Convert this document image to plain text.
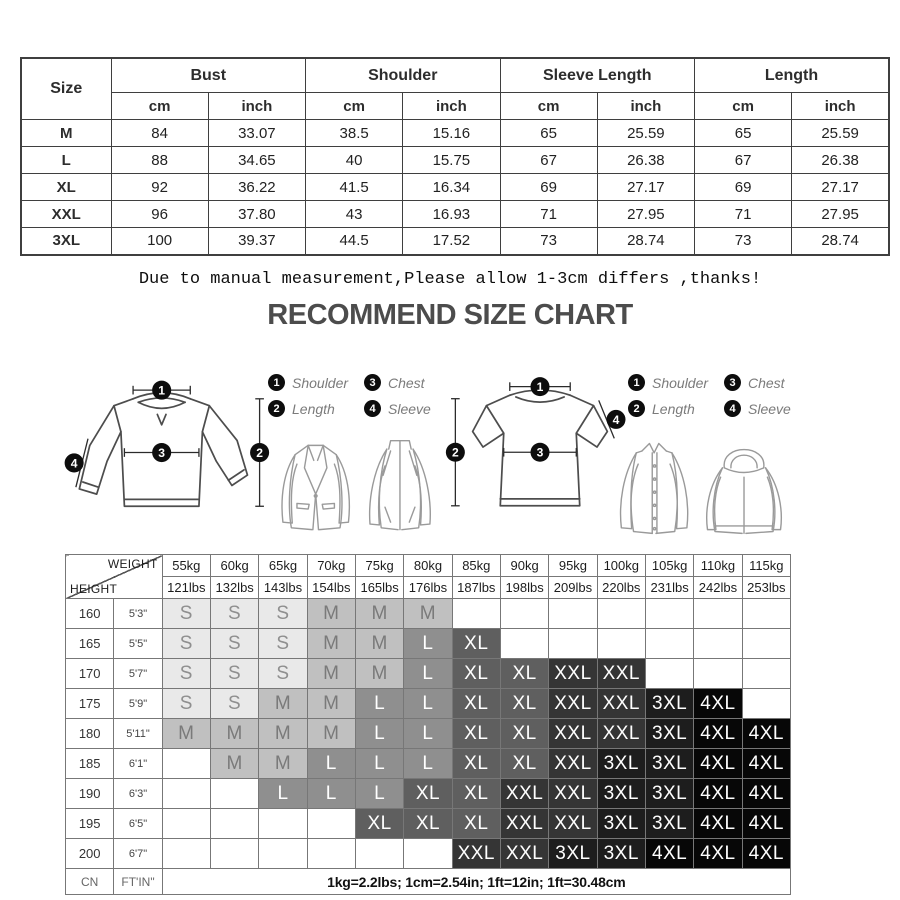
Size	Bust		Shoulder		Sleeve Length		Length	
	cm	inch	cm	inch	cm	inch	cm	inch
M	84	33.07	38.5	15.16	65	25.59	65	25.59
L	88	34.65	40	15.75	67	26.38	67	26.38
XL	92	36.22	41.5	16.34	69	27.17	69	27.17
XXL	96	37.80	43	16.93	71	27.95	71	27.95
3XL	100	39.37	44.5	17.52	73	28.74	73	28.74

Due to manual measurement,Please allow 1-3cm differs ,thanks!

RECOMMEND SIZE CHART
1
3	2
4
1 Shoulder	3 Chest
2 Length	4 Sleeve
1
3
2
4
1 Shoulder	3 Chest
2 Length	4 Sleeve
WEIGHT
HEIGHT		55kg	60kg	65kg	70kg	75kg	80kg	85kg	90kg	95kg	100kg	105kg	110kg	115kg
		121lbs	132lbs	143lbs	154lbs	165lbs	176lbs	187lbs	198lbs	209lbs	220lbs	231lbs	242lbs	253lbs
160	5'3"	S	S	S	M	M	M							
165	5'5"	S	S	S	M	M	L	XL						
170	5'7"	S	S	S	M	M	L	XL	XL	XXL	XXL			
175	5'9"	S	S	M	M	L	L	XL	XL	XXL	XXL	3XL	4XL	
180	5'11"	M	M	M	M	L	L	XL	XL	XXL	XXL	3XL	4XL	4XL
185	6'1"		M	M	L	L	L	XL	XL	XXL	3XL	3XL	4XL	4XL
190	6'3"			L	L	L	XL	XL	XXL	XXL	3XL	3XL	4XL	4XL
195	6'5"					XL	XL	XL	XXL	XXL	3XL	3XL	4XL	4XL
200	6'7"							XXL	XXL	3XL	3XL	4XL	4XL	4XL
CN	FT'IN"	1kg=2.2lbs; 1cm=2.54in; 1ft=12in; 1ft=30.48cm												
